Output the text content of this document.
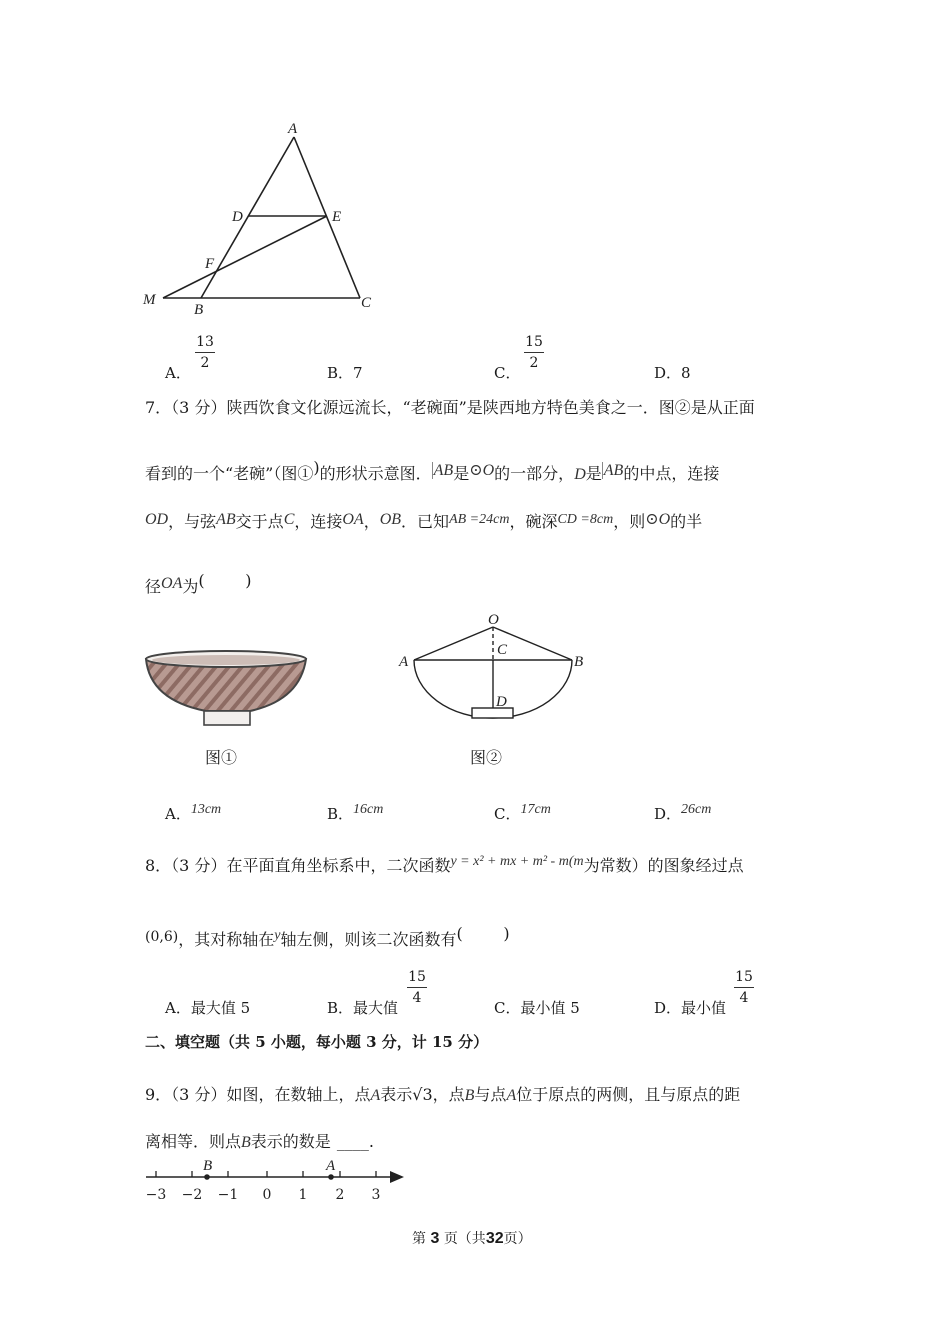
A
D	E
F
M
B	C
A．
13
2
B．7	C．
15
2
D．8
7．（3 分）陕西饮食文化源远流长，“老碗面”是陕西地方特色美食之一．图②是从正面
看到的一个“老碗”（图①)的形状示意图． AB是⊙O的一部分，D是 AB的中点，连接
OD，与弦AB交于点C，连接OA，OB．已知AB =24cm，碗深CD =8cm，则⊙O的半
径OA为(        )
图①
O
C
A	B
D
图②
A．13cm	B．16cm	C．17cm	D．26cm
8．（3 分）在平面直角坐标系中，二次函数y = x² + mx + m² - m(m为常数）的图象经过点
(0,6)，其对称轴在y轴左侧，则该二次函数有(        )
A．最大值 5	B．最大值
15
4
C．最小值 5	D．最小值
15
4
二、填空题（共 5 小题，每小题 3 分，计 15 分）
9．（3 分）如图，在数轴上，点A表示√3，点B与点A位于原点的两侧，且与原点的距
离相等．则点B表示的数是 ____.
B	A
−3 −2 −1 0 1 2 3
第 3 页（共32页）
